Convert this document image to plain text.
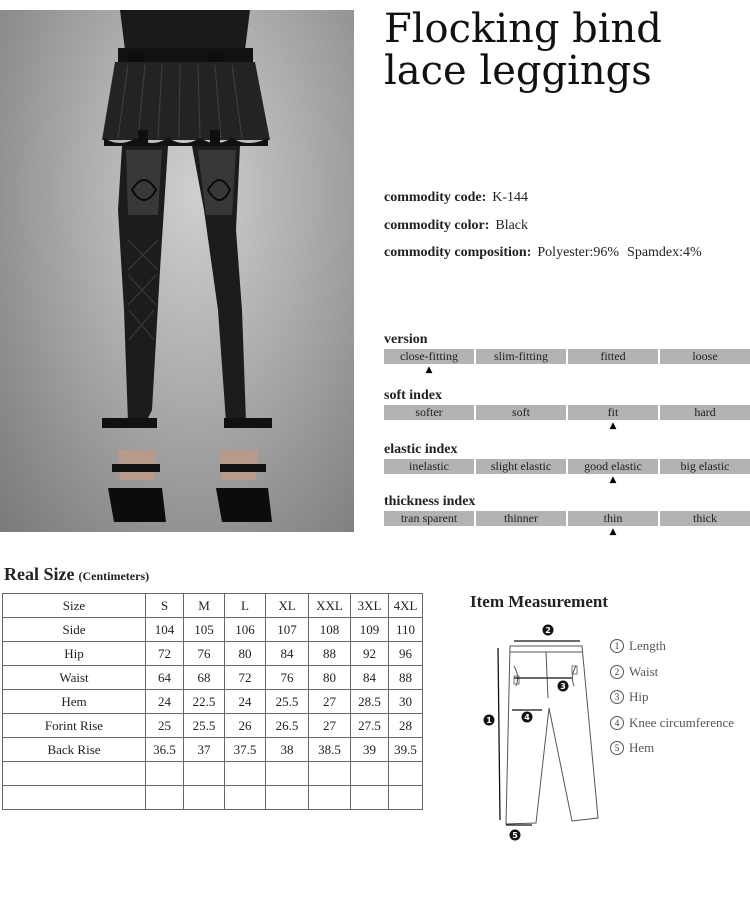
Flocking bind lace leggings
commodity code: K-144
commodity color: Black
commodity composition: Polyester:96% Spamdex:4%
version
close-fitting	slim-fitting	fitted	loose
▲
soft index
softer	soft	fit	hard
▲
elastic index
inelastic	slight elastic	good elastic	big elastic
▲
thickness index
tran sparent	thinner	thin	thick
▲
Real Size (Centimeters)
Size	S	M	L	XL	XXL	3XL	4XL
Side	104	105	106	107	108	109	110
Hip	72	76	80	84	88	92	96
Waist	64	68	72	76	80	84	88
Hem	24	22.5	24	25.5	27	28.5	30
Forint Rise	25	25.5	26	26.5	27	27.5	28
Back Rise	36.5	37	37.5	38	38.5	39	39.5

Item Measurement
2
3
4
1
5
1 Length
2 Waist
3 Hip
4 Knee circumference
5 Hem
